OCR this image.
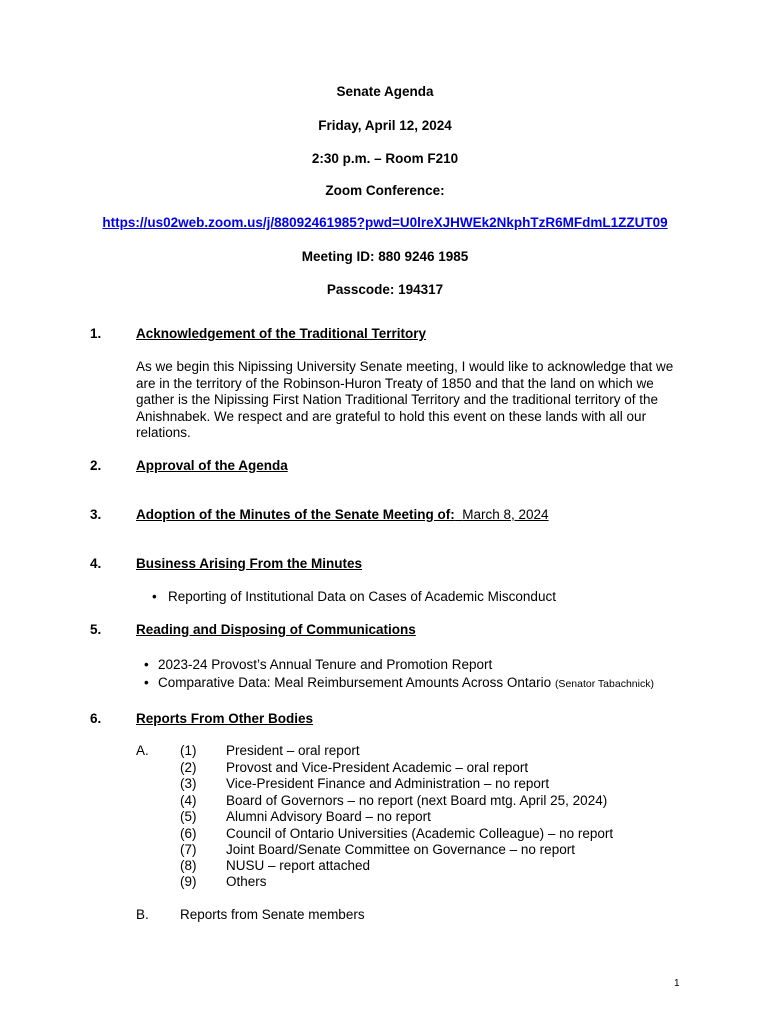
Senate Agenda
Friday, April 12, 2024
2:30 p.m. – Room F210
Zoom Conference:
https://us02web.zoom.us/j/88092461985?pwd=U0lreXJHWEk2NkphTzR6MFdmL1ZZUT09
Meeting ID: 880 9246 1985
Passcode: 194317
1.	Acknowledgement of the Traditional Territory
As we begin this Nipissing University Senate meeting, I would like to acknowledge that we are in the territory of the Robinson-Huron Treaty of 1850 and that the land on which we gather is the Nipissing First Nation Traditional Territory and the traditional territory of the Anishnabek. We respect and are grateful to hold this event on these lands with all our relations.
2.	Approval of the Agenda
3.	Adoption of the Minutes of the Senate Meeting of: March 8, 2024
4.	Business Arising From the Minutes
• Reporting of Institutional Data on Cases of Academic Misconduct
5.	Reading and Disposing of Communications
• 2023-24 Provost’s Annual Tenure and Promotion Report
• Comparative Data: Meal Reimbursement Amounts Across Ontario (Senator Tabachnick)
6.	Reports From Other Bodies
A. (1) President – oral report
(2) Provost and Vice-President Academic – oral report
(3) Vice-President Finance and Administration – no report
(4) Board of Governors – no report (next Board mtg. April 25, 2024)
(5) Alumni Advisory Board – no report
(6) Council of Ontario Universities (Academic Colleague) – no report
(7) Joint Board/Senate Committee on Governance – no report
(8) NUSU – report attached
(9) Others
B. Reports from Senate members
1
